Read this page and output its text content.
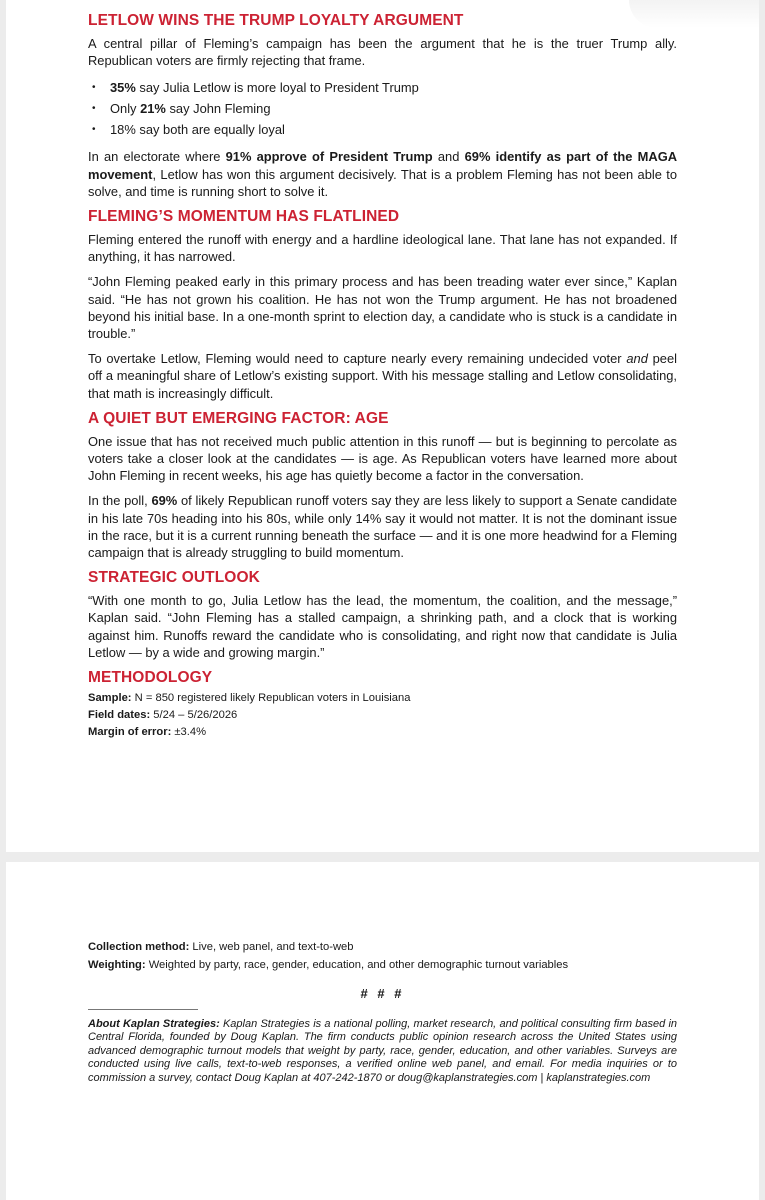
LETLOW WINS THE TRUMP LOYALTY ARGUMENT

A central pillar of Fleming’s campaign has been the argument that he is the truer Trump ally. Republican voters are firmly rejecting that frame.

• 35% say Julia Letlow is more loyal to President Trump
• Only 21% say John Fleming
• 18% say both are equally loyal

In an electorate where 91% approve of President Trump and 69% identify as part of the MAGA movement, Letlow has won this argument decisively. That is a problem Fleming has not been able to solve, and time is running short to solve it.

FLEMING’S MOMENTUM HAS FLATLINED

Fleming entered the runoff with energy and a hardline ideological lane. That lane has not expanded. If anything, it has narrowed.

“John Fleming peaked early in this primary process and has been treading water ever since,” Kaplan said. “He has not grown his coalition. He has not won the Trump argument. He has not broadened beyond his initial base. In a one-month sprint to election day, a candidate who is stuck is a candidate in trouble.”

To overtake Letlow, Fleming would need to capture nearly every remaining undecided voter and peel off a meaningful share of Letlow’s existing support. With his message stalling and Letlow consolidating, that math is increasingly difficult.

A QUIET BUT EMERGING FACTOR: AGE

One issue that has not received much public attention in this runoff — but is beginning to percolate as voters take a closer look at the candidates — is age. As Republican voters have learned more about John Fleming in recent weeks, his age has quietly become a factor in the conversation.

In the poll, 69% of likely Republican runoff voters say they are less likely to support a Senate candidate in his late 70s heading into his 80s, while only 14% say it would not matter. It is not the dominant issue in the race, but it is a current running beneath the surface — and it is one more headwind for a Fleming campaign that is already struggling to build momentum.

STRATEGIC OUTLOOK

“With one month to go, Julia Letlow has the lead, the momentum, the coalition, and the message,” Kaplan said. “John Fleming has a stalled campaign, a shrinking path, and a clock that is working against him. Runoffs reward the candidate who is consolidating, and right now that candidate is Julia Letlow — by a wide and growing margin.”

METHODOLOGY

Sample: N = 850 registered likely Republican voters in Louisiana

Field dates: 5/24 – 5/26/2026

Margin of error: ±3.4%

Collection method: Live, web panel, and text-to-web

Weighting: Weighted by party, race, gender, education, and other demographic turnout variables

# # #

About Kaplan Strategies: Kaplan Strategies is a national polling, market research, and political consulting firm based in Central Florida, founded by Doug Kaplan. The firm conducts public opinion research across the United States using advanced demographic turnout models that weight by party, race, gender, education, and other variables. Surveys are conducted using live calls, text-to-web responses, a verified online web panel, and email. For media inquiries or to commission a survey, contact Doug Kaplan at 407-242-1870 or doug@kaplanstrategies.com | kaplanstrategies.com
